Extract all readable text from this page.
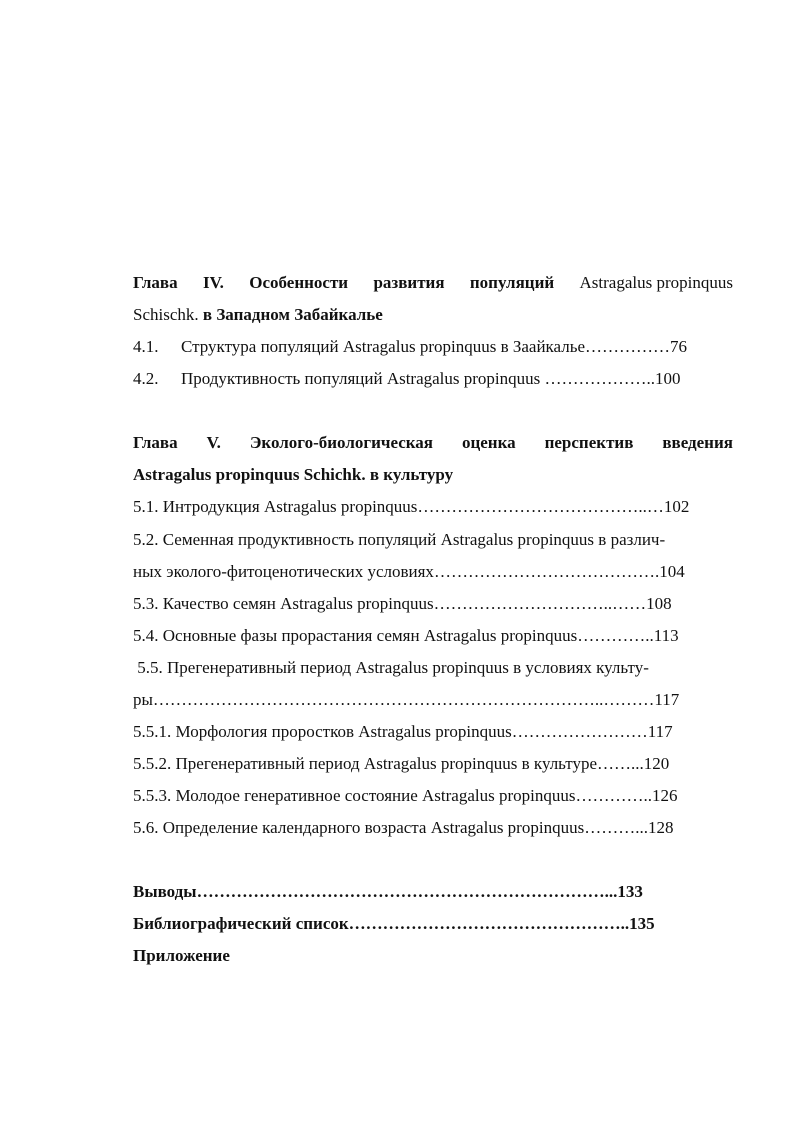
Глава IV. Особенности развития популяций Astragalus propinquus
Schischk. в Западном Забайкалье
4.1. Структура популяций Astragalus propinquus в Заайкалье……………76
4.2. Продуктивность популяций Astragalus propinquus ………………..100
Глава V. Эколого-биологическая оценка перспектив введения
Astragalus propinquus Schichk. в культуру
5.1. Интродукция Astragalus propinquus…………………………………..…102
5.2. Семенная продуктивность популяций Astragalus propinquus в различ-
ных эколого-фитоценотических условиях………………………………….104
5.3. Качество семян Astragalus propinquus…………………………..……108
5.4. Основные фазы прорастания семян Astragalus propinquus…………..113
5.5. Прегенеративный период Astragalus propinquus в условиях культу-
ры……………………………………………………………………..………117
5.5.1. Морфология проростков Astragalus propinquus……………………117
5.5.2. Прегенеративный период Astragalus propinquus в культуре……...120
5.5.3. Молодое генеративное состояние Astragalus propinquus…………..126
5.6. Определение календарного возраста Astragalus propinquus………...128
Выводы………………………………………………………………...133
Библиографический список…………………………………………..135
Приложение
